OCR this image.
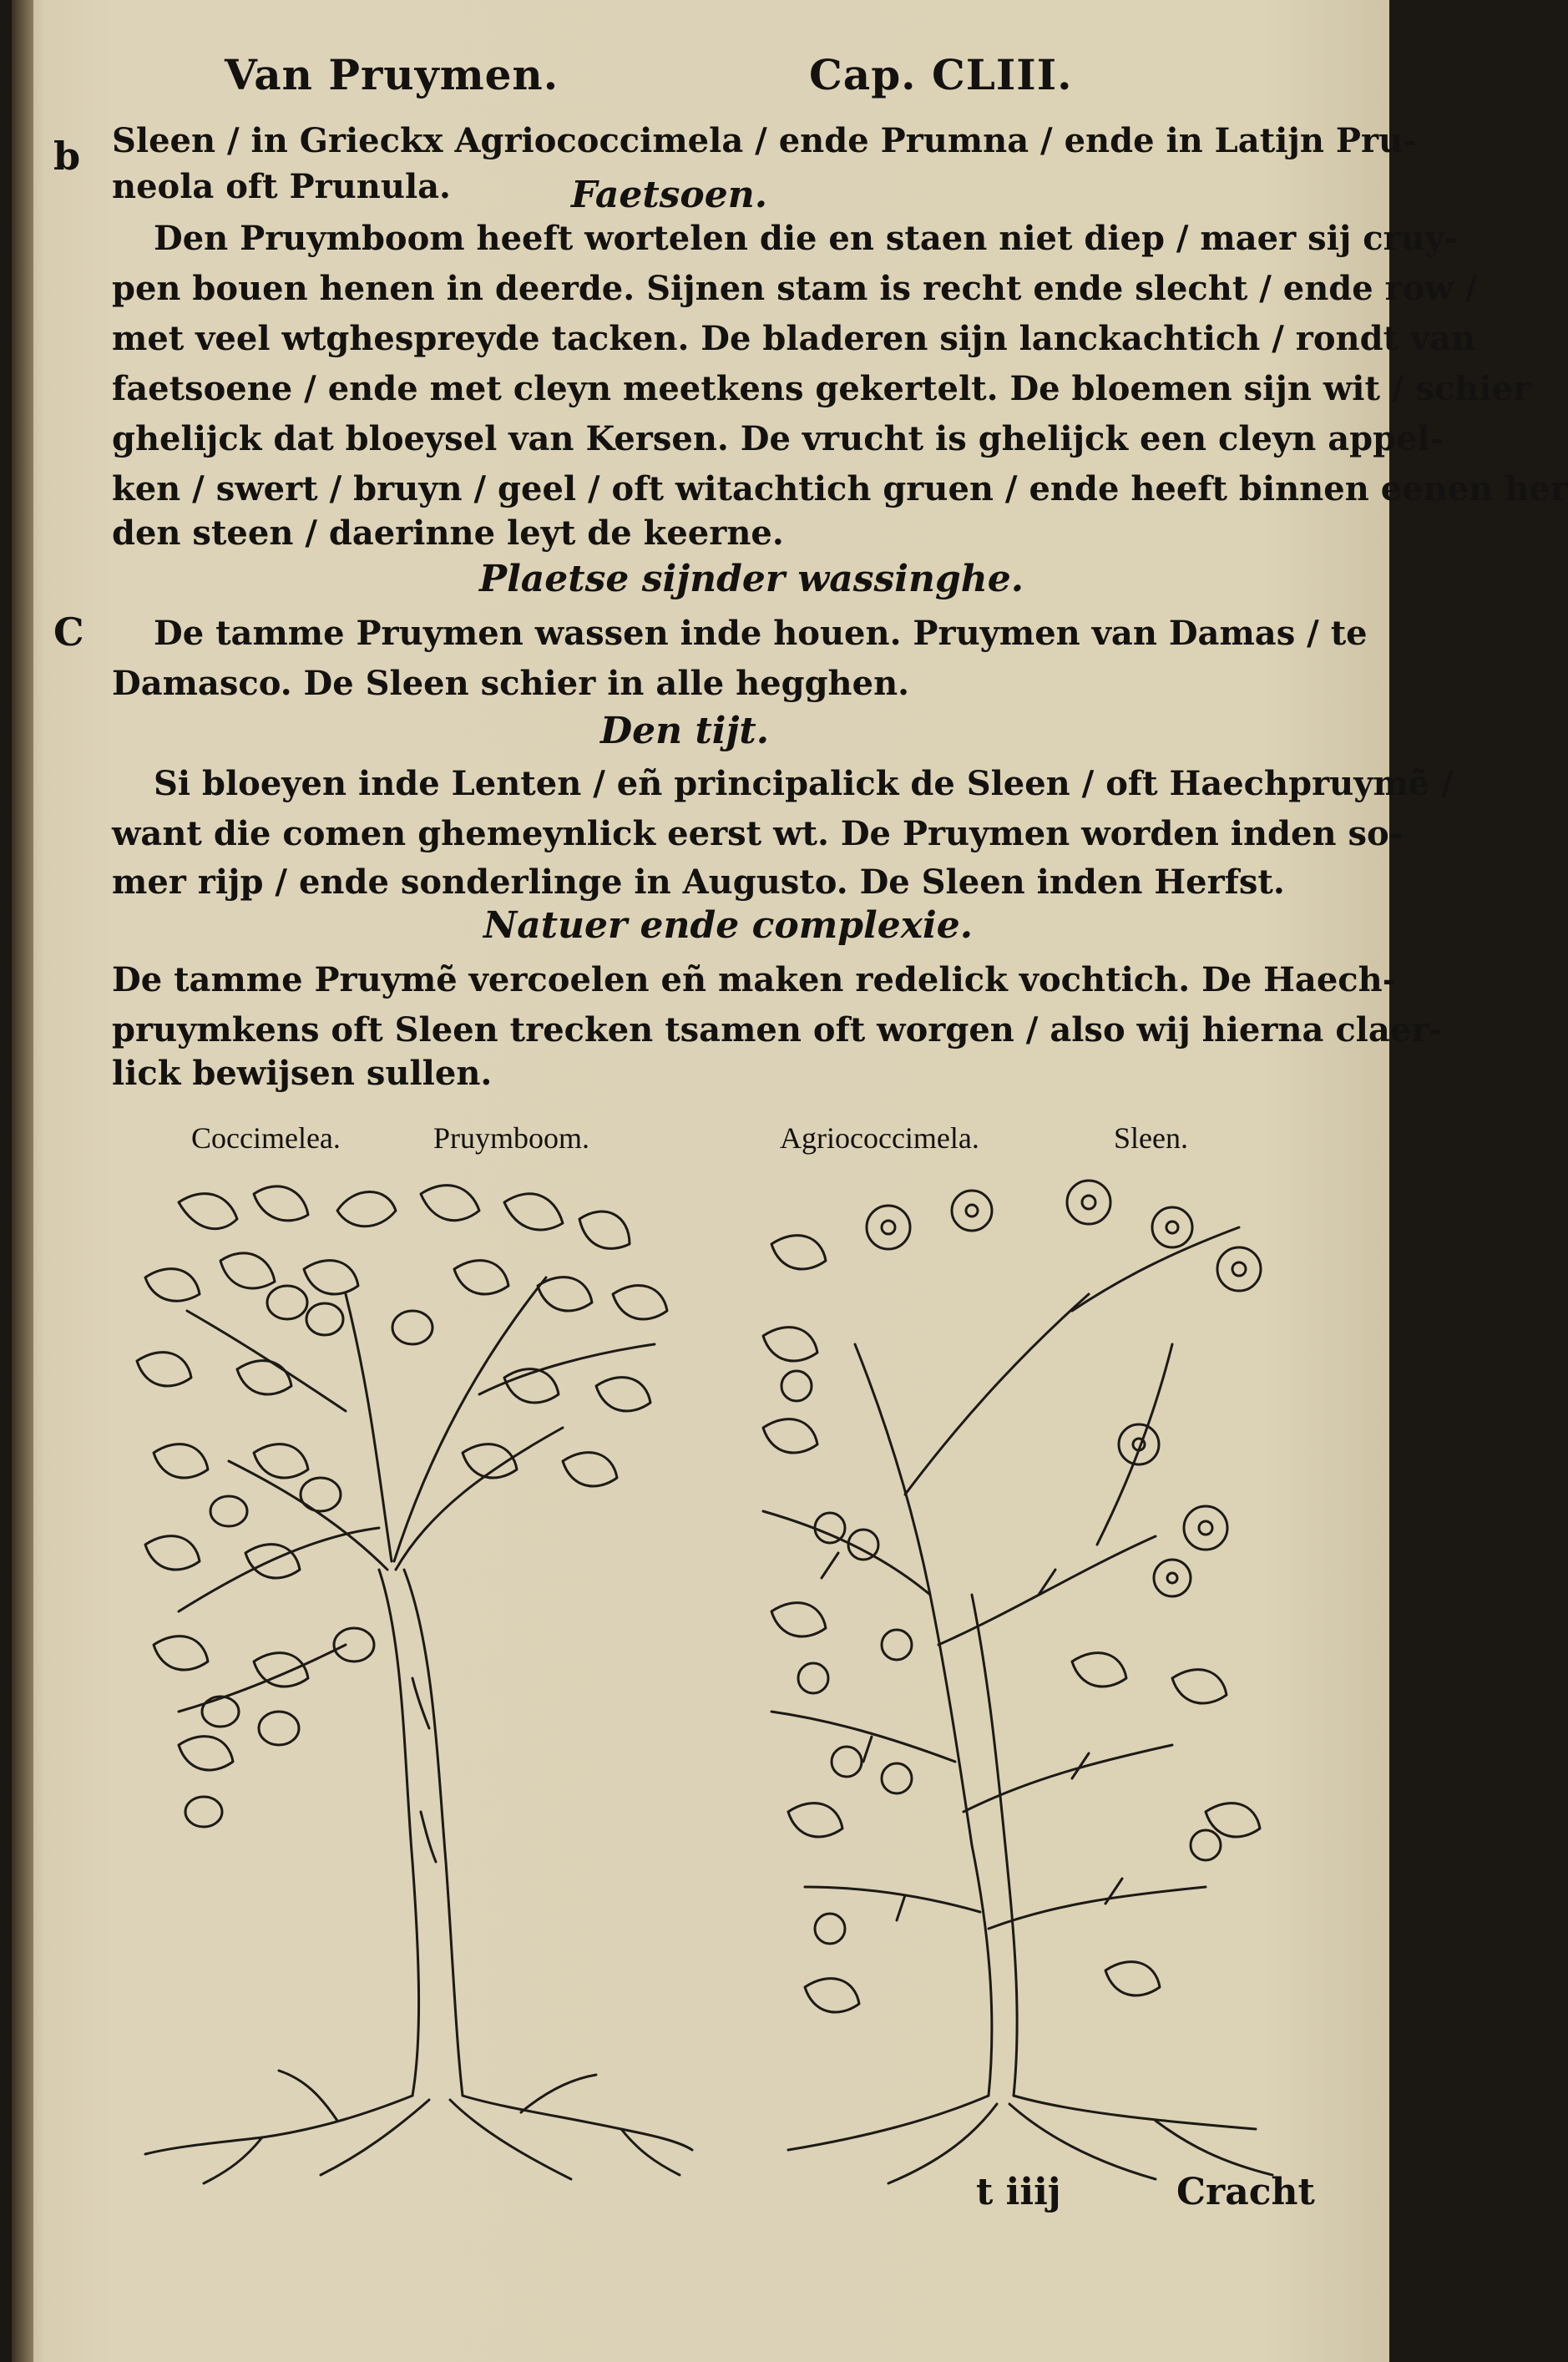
Van Pruymen.	Cap. CLIII.
b
C
Sleen / in Grieckx Agriococcimela / ende Prumna / ende in Latijn Pru-
neola oft Prunula.	Faetsoen.
Den Pruymboom heeft wortelen die en staen niet diep / maer sij cruy-
pen bouen henen in deerde. Sijnen stam is recht ende slecht / ende row /
met veel wtghespreyde tacken. De bladeren sijn lanckachtich / rondt van
faetsoene / ende met cleyn meetkens gekertelt. De bloemen sijn wit / schier
ghelijck dat bloeysel van Kersen. De vrucht is ghelijck een cleyn appel-
ken / swert / bruyn / geel / oft witachtich gruen / ende heeft binnen eenen her
den steen / daerinne leyt de keerne.
Plaetse sijnder wassinghe.
De tamme Pruymen wassen inde houen. Pruymen van Damas / te
Damasco. De Sleen schier in alle hegghen.
Den tijt.
Si bloeyen inde Lenten / eñ principalick de Sleen / oft Haechpruymẽ /
want die comen ghemeynlick eerst wt. De Pruymen worden inden so-
mer rijp / ende sonderlinge in Augusto. De Sleen inden Herfst.
Natuer ende complexie.
De tamme Pruymẽ vercoelen eñ maken redelick vochtich. De Haech-
pruymkens oft Sleen trecken tsamen oft worgen / also wij hierna claer-
lick bewijsen sullen.
Coccimelea.	Pruymboom.	Agriococcimela.	Sleen.
t iiij	Cracht
